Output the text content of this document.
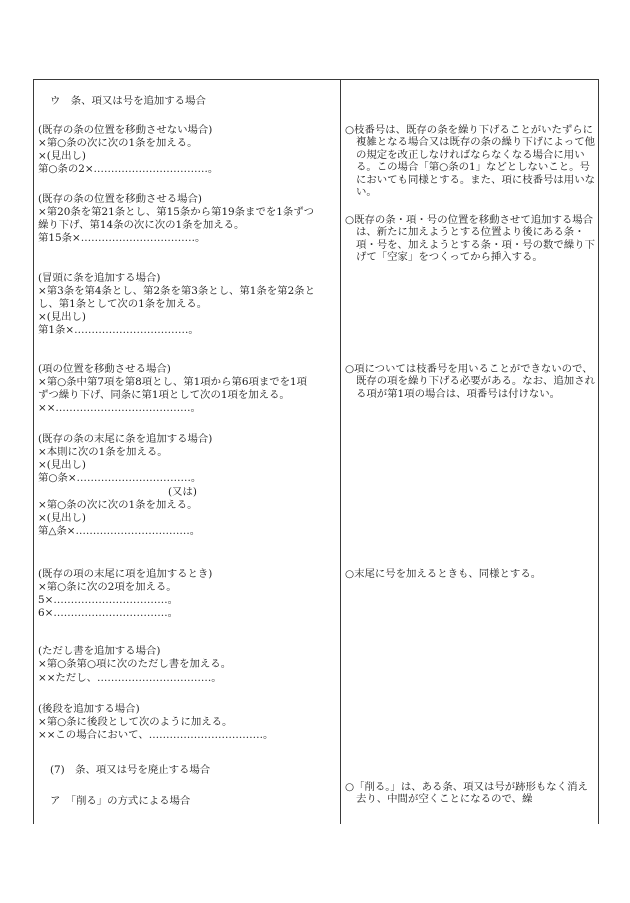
ウ　条、項又は号を追加する場合
(既存の条の位置を移動させない場合)
×第○条の次に次の1条を加える。
×(見出し)
第○条の2×……………………………。
(既存の条の位置を移動させる場合)
×第20条を第21条とし、第15条から第19条までを1条ずつ
繰り下げ、第14条の次に次の1条を加える。
第15条×……………………………。
(冒頭に条を追加する場合)
×第3条を第4条とし、第2条を第3条とし、第1条を第2条と
し、第1条として次の1条を加える。
×(見出し)
第1条×……………………………。
(項の位置を移動させる場合)
×第○条中第7項を第8項とし、第1項から第6項までを1項
ずつ繰り下げ、同条に第1項として次の1項を加える。
××…………………………………。
(既存の条の末尾に条を追加する場合)
×本則に次の1条を加える。
×(見出し)
第○条×……………………………。
(又は)
×第○条の次に次の1条を加える。
×(見出し)
第△条×……………………………。
(既存の項の末尾に項を追加するとき)
×第○条に次の2項を加える。
5×……………………………。
6×……………………………。
(ただし書を追加する場合)
×第○条第○項に次のただし書を加える。
××ただし、……………………………。
(後段を追加する場合)
×第○条に後段として次のように加える。
××この場合において、……………………………。
(7)　条、項又は号を廃止する場合
ア　「削る」の方式による場合
○枝番号は、既存の条を繰り下げることがいたずらに複雑となる場合又は既存の条の繰り下げによって他の規定を改正しなければならなくなる場合に用いる。この場合「第○条の1」などとしないこと。号においても同様とする。また、項に枝番号は用いない。
○既存の条・項・号の位置を移動させて追加する場合は、新たに加えようとする位置より後にある条・項・号を、加えようとする条・項・号の数で繰り下げて「空家」をつくってから挿入する。
○項については枝番号を用いることができないので、既存の項を繰り下げる必要がある。なお、追加される項が第1項の場合は、項番号は付けない。
○末尾に号を加えるときも、同様とする。
○「削る。」は、ある条、項又は号が跡形もなく消え去り、中間が空くことになるので、繰
